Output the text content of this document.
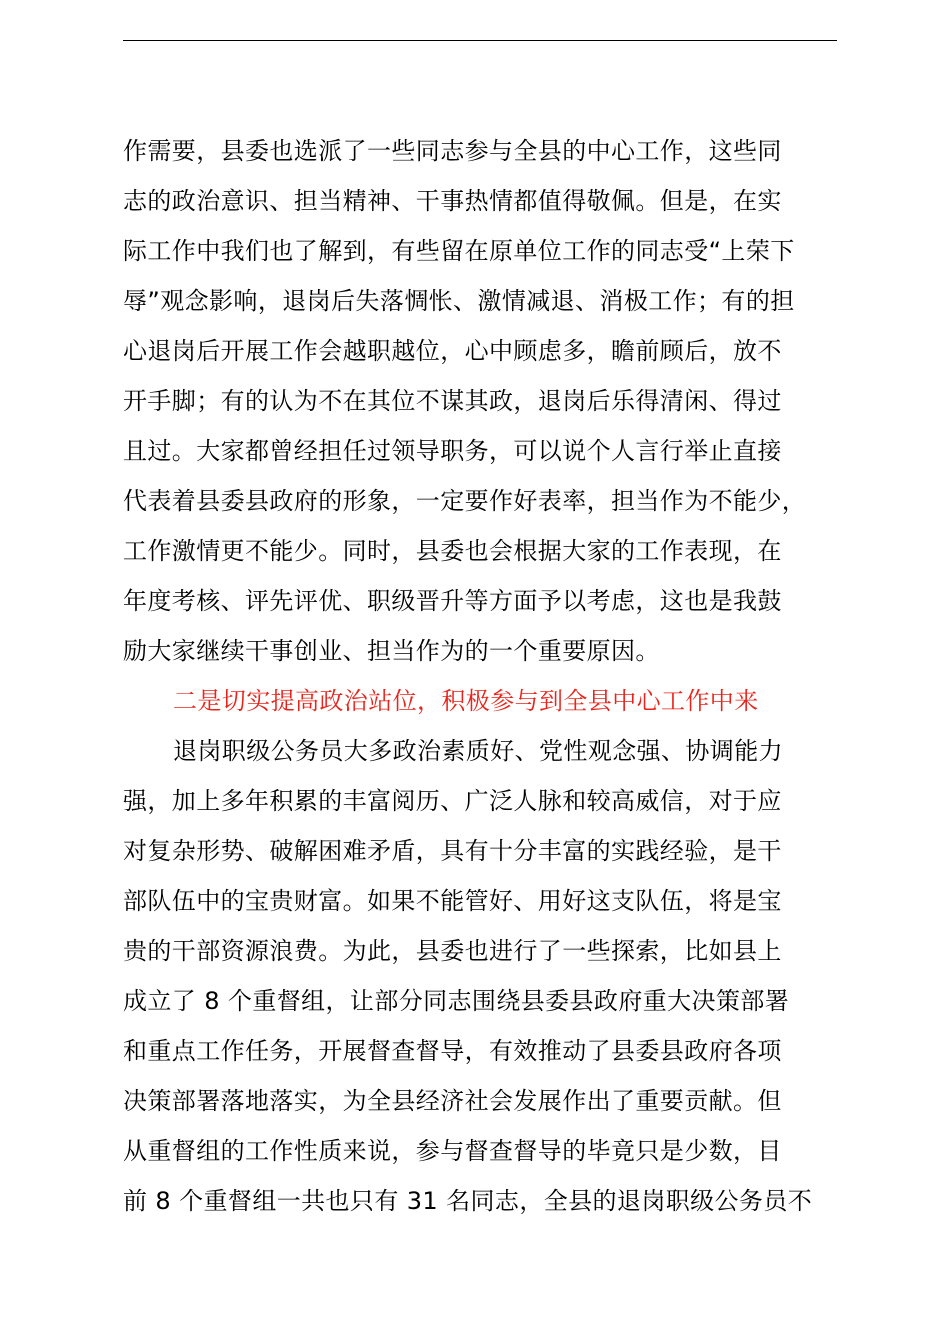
作需要，县委也选派了一些同志参与全县的中心工作，这些同
志的政治意识、担当精神、干事热情都值得敬佩。但是，在实
际工作中我们也了解到，有些留在原单位工作的同志受“上荣下
辱”观念影响，退岗后失落惆怅、激情减退、消极工作；有的担
心退岗后开展工作会越职越位，心中顾虑多，瞻前顾后，放不
开手脚；有的认为不在其位不谋其政，退岗后乐得清闲、得过
且过。大家都曾经担任过领导职务，可以说个人言行举止直接
代表着县委县政府的形象，一定要作好表率，担当作为不能少，
工作激情更不能少。同时，县委也会根据大家的工作表现，在
年度考核、评先评优、职级晋升等方面予以考虑，这也是我鼓
励大家继续干事创业、担当作为的一个重要原因。
二是切实提高政治站位，积极参与到全县中心工作中来
退岗职级公务员大多政治素质好、党性观念强、协调能力
强，加上多年积累的丰富阅历、广泛人脉和较高威信，对于应
对复杂形势、破解困难矛盾，具有十分丰富的实践经验，是干
部队伍中的宝贵财富。如果不能管好、用好这支队伍，将是宝
贵的干部资源浪费。为此，县委也进行了一些探索，比如县上
成立了 8 个重督组，让部分同志围绕县委县政府重大决策部署
和重点工作任务，开展督查督导，有效推动了县委县政府各项
决策部署落地落实，为全县经济社会发展作出了重要贡献。但
从重督组的工作性质来说，参与督查督导的毕竟只是少数，目
前 8 个重督组一共也只有 31 名同志，全县的退岗职级公务员不
